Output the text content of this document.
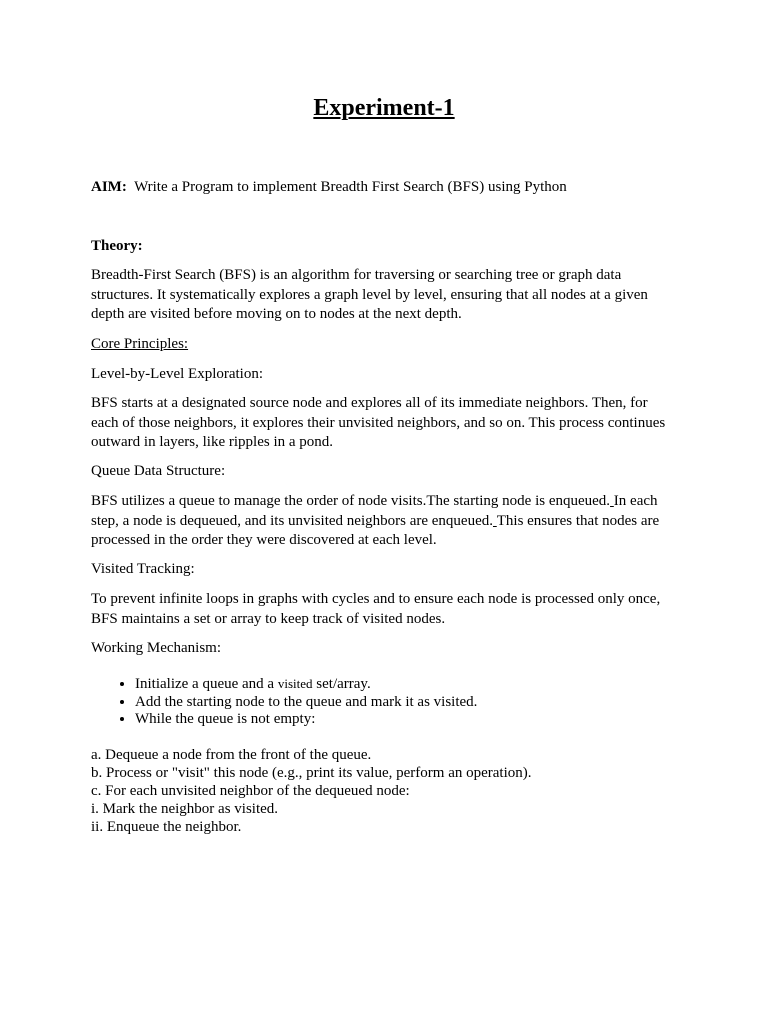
Experiment-1
AIM: Write a Program to implement Breadth First Search (BFS) using Python
Theory:
Breadth-First Search (BFS) is an algorithm for traversing or searching tree or graph data structures. It systematically explores a graph level by level, ensuring that all nodes at a given depth are visited before moving on to nodes at the next depth.
Core Principles:
Level-by-Level Exploration:
BFS starts at a designated source node and explores all of its immediate neighbors. Then, for each of those neighbors, it explores their unvisited neighbors, and so on. This process continues outward in layers, like ripples in a pond.
Queue Data Structure:
BFS utilizes a queue to manage the order of node visits.The starting node is enqueued. In each step, a node is dequeued, and its unvisited neighbors are enqueued. This ensures that nodes are processed in the order they were discovered at each level.
Visited Tracking:
To prevent infinite loops in graphs with cycles and to ensure each node is processed only once, BFS maintains a set or array to keep track of visited nodes.
Working Mechanism:
• Initialize a queue and a visited set/array.
• Add the starting node to the queue and mark it as visited.
• While the queue is not empty:
a. Dequeue a node from the front of the queue.
b. Process or "visit" this node (e.g., print its value, perform an operation).
c. For each unvisited neighbor of the dequeued node:
i. Mark the neighbor as visited.
ii. Enqueue the neighbor.
